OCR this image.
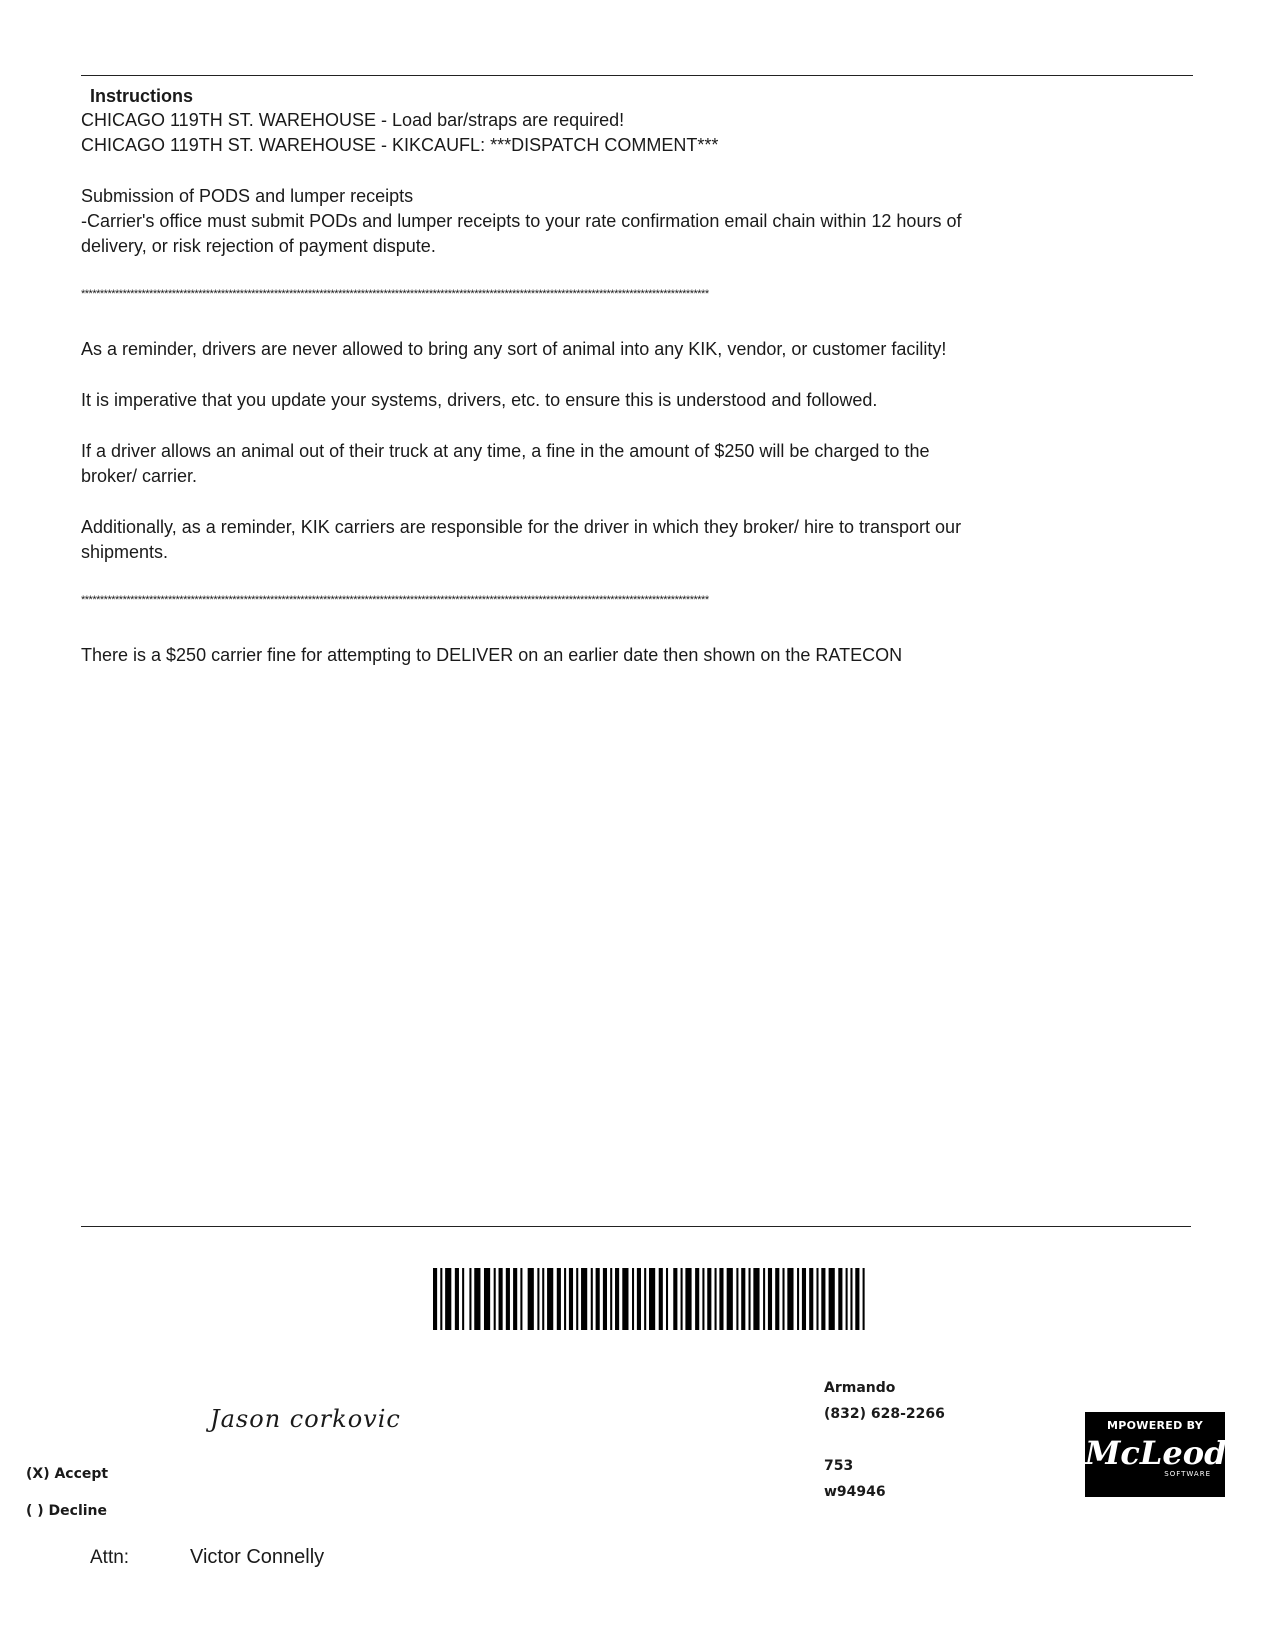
Instructions
CHICAGO 119TH ST. WAREHOUSE - Load bar/straps are required!
CHICAGO 119TH ST. WAREHOUSE - KIKCAUFL: ***DISPATCH COMMENT***
Submission of PODS and lumper receipts
-Carrier's office must submit PODs and lumper receipts to your rate confirmation email chain within 12 hours of
delivery, or risk rejection of payment dispute.
**********************************************************************************************************************************************************************
As a reminder, drivers are never allowed to bring any sort of animal into any KIK, vendor, or customer facility!
It is imperative that you update your systems, drivers, etc. to ensure this is understood and followed.
If a driver allows an animal out of their truck at any time, a fine in the amount of $250 will be charged to the
broker/ carrier.
Additionally, as a reminder, KIK carriers are responsible for the driver in which they broker/ hire to transport our
shipments.
**********************************************************************************************************************************************************************
There is a $250 carrier fine for attempting to DELIVER on an earlier date then shown on the RATECON
Jason corkovic
(X) Accept
( ) Decline
Attn:	Victor Connelly
Armando
(832) 628-2266
753
w94946
MPOWERED BY
McLeod
SOFTWARE
